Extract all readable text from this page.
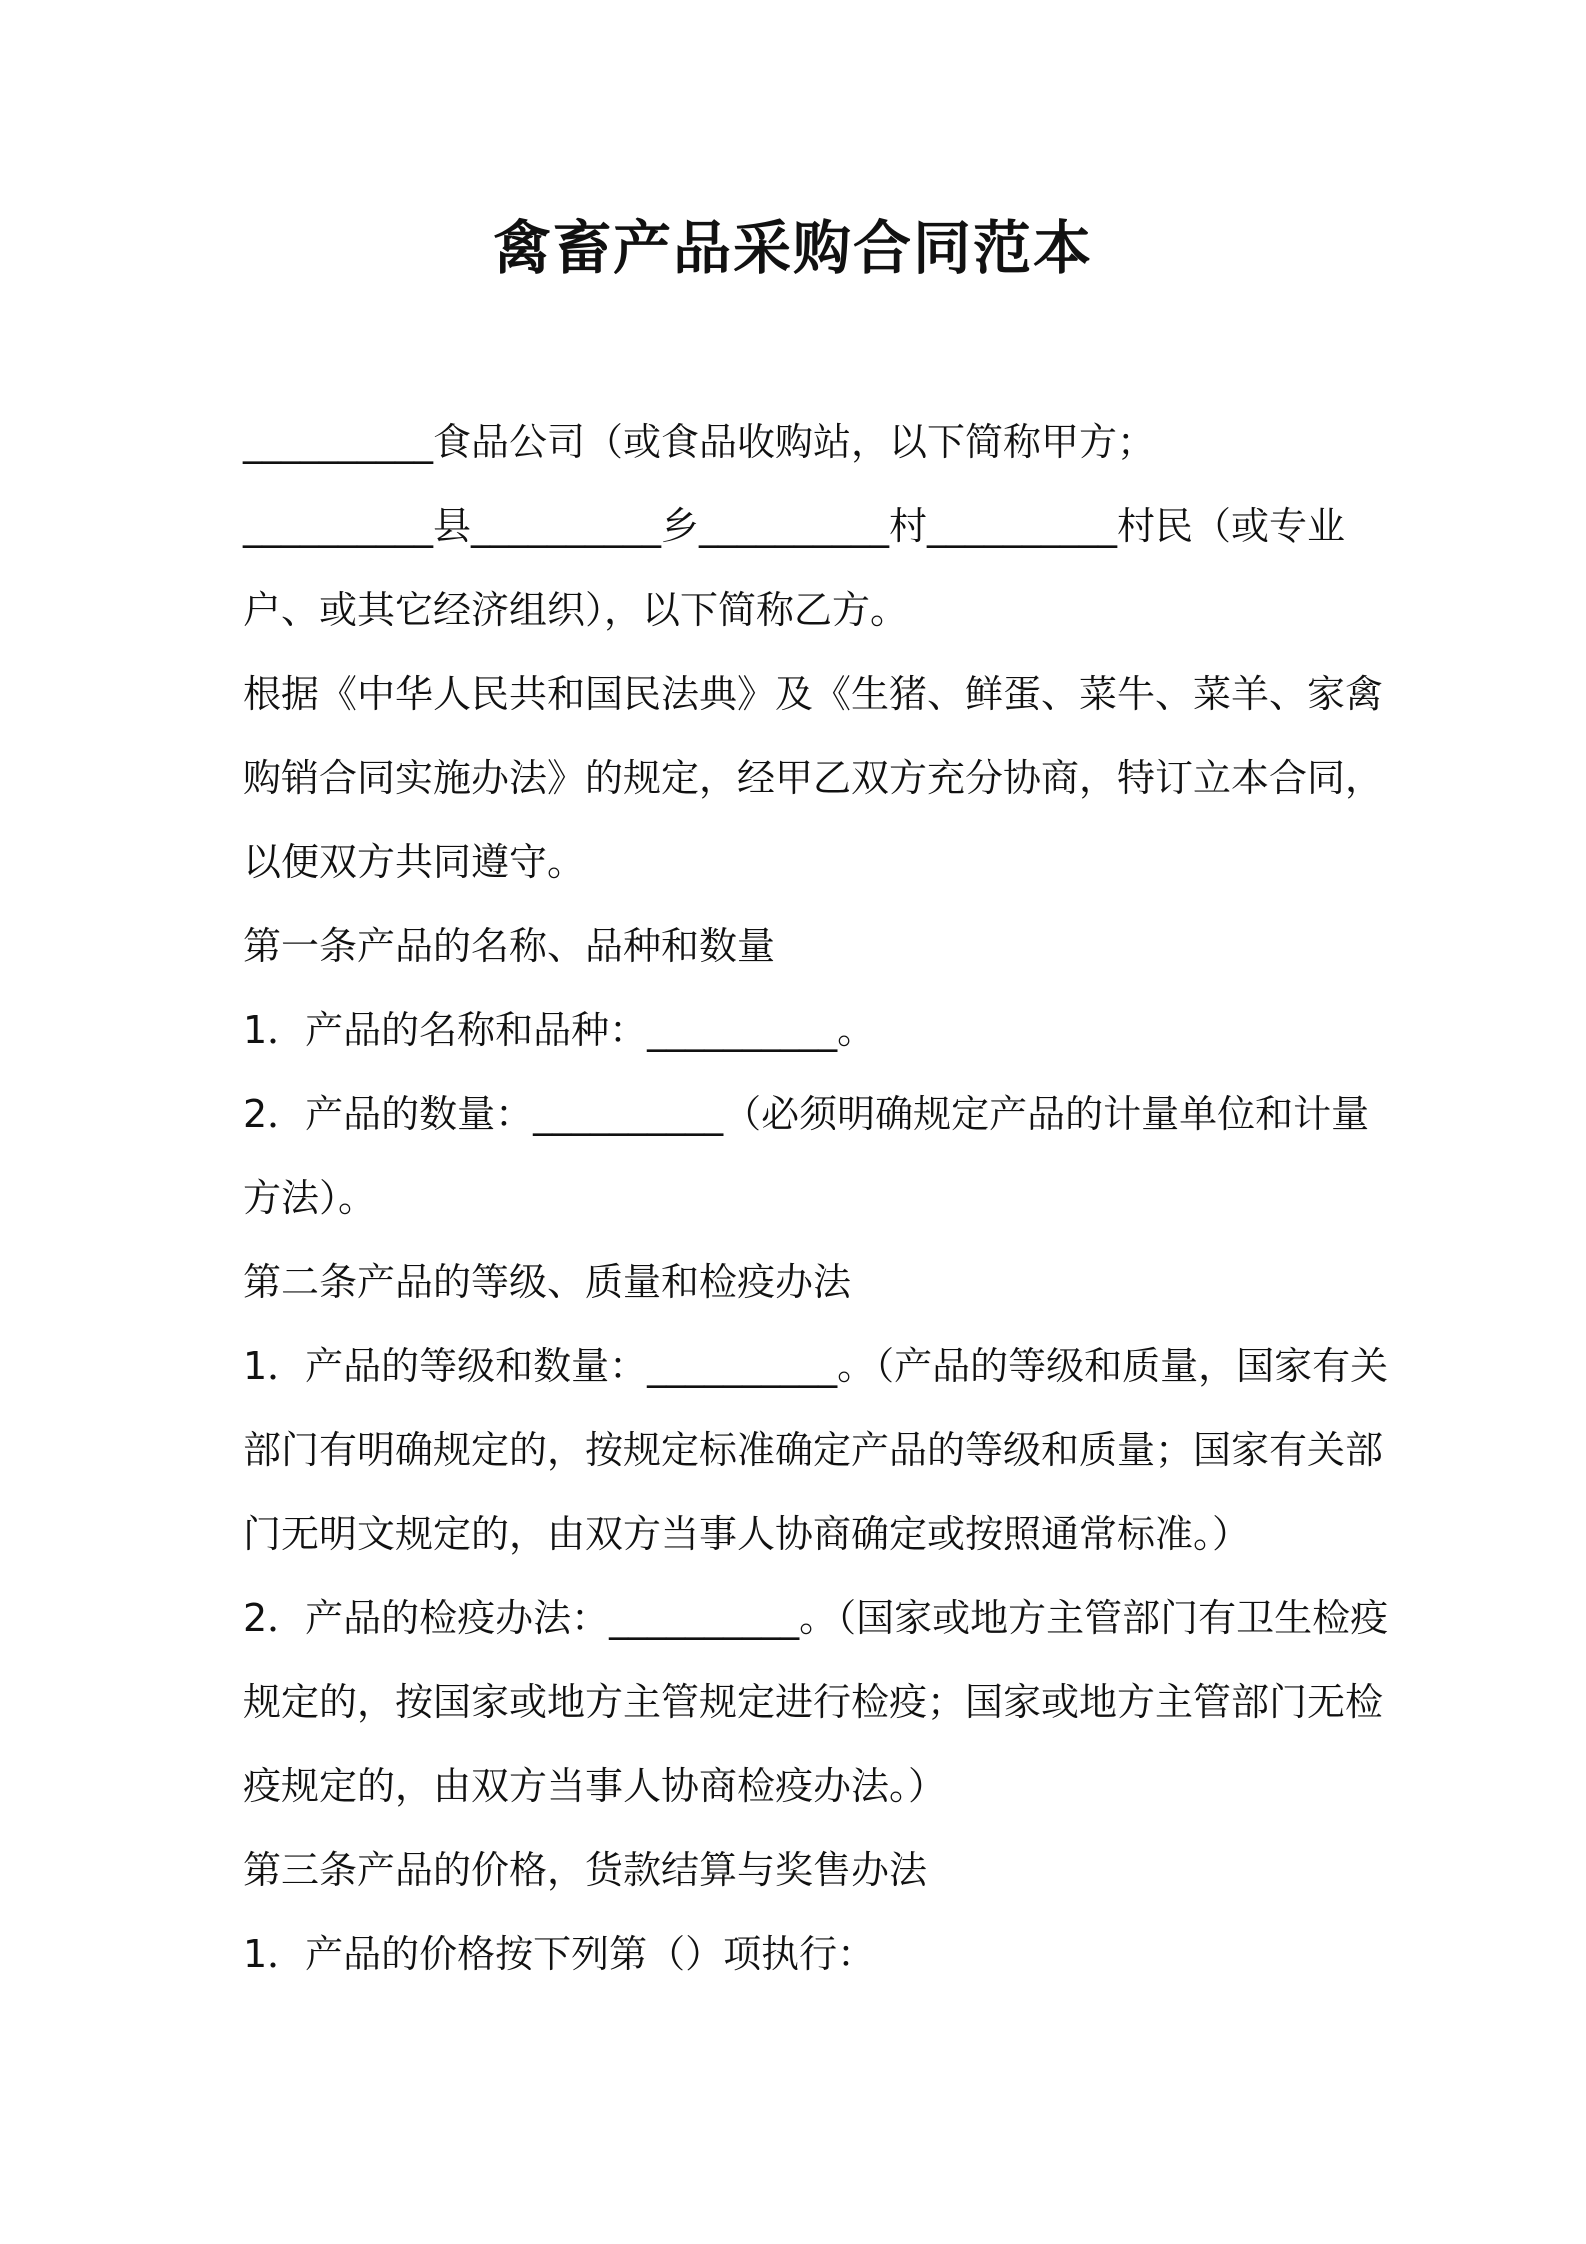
禽畜产品采购合同范本
__________食品公司（或食品收购站，以下简称甲方；
__________县__________乡__________村__________村民（或专业
户、或其它经济组织），以下简称乙方。
根据《中华人民共和国民法典》及《生猪、鲜蛋、菜牛、菜羊、家禽
购销合同实施办法》的规定，经甲乙双方充分协商，特订立本合同，
以便双方共同遵守。
第一条产品的名称、品种和数量
1．产品的名称和品种：__________。
2．产品的数量：__________（必须明确规定产品的计量单位和计量
方法）。
第二条产品的等级、质量和检疫办法
1．产品的等级和数量：__________。（产品的等级和质量，国家有关
部门有明确规定的，按规定标准确定产品的等级和质量；国家有关部
门无明文规定的，由双方当事人协商确定或按照通常标准。）
2．产品的检疫办法：__________。（国家或地方主管部门有卫生检疫
规定的，按国家或地方主管规定进行检疫；国家或地方主管部门无检
疫规定的，由双方当事人协商检疫办法。）
第三条产品的价格，货款结算与奖售办法
1．产品的价格按下列第（）项执行：
